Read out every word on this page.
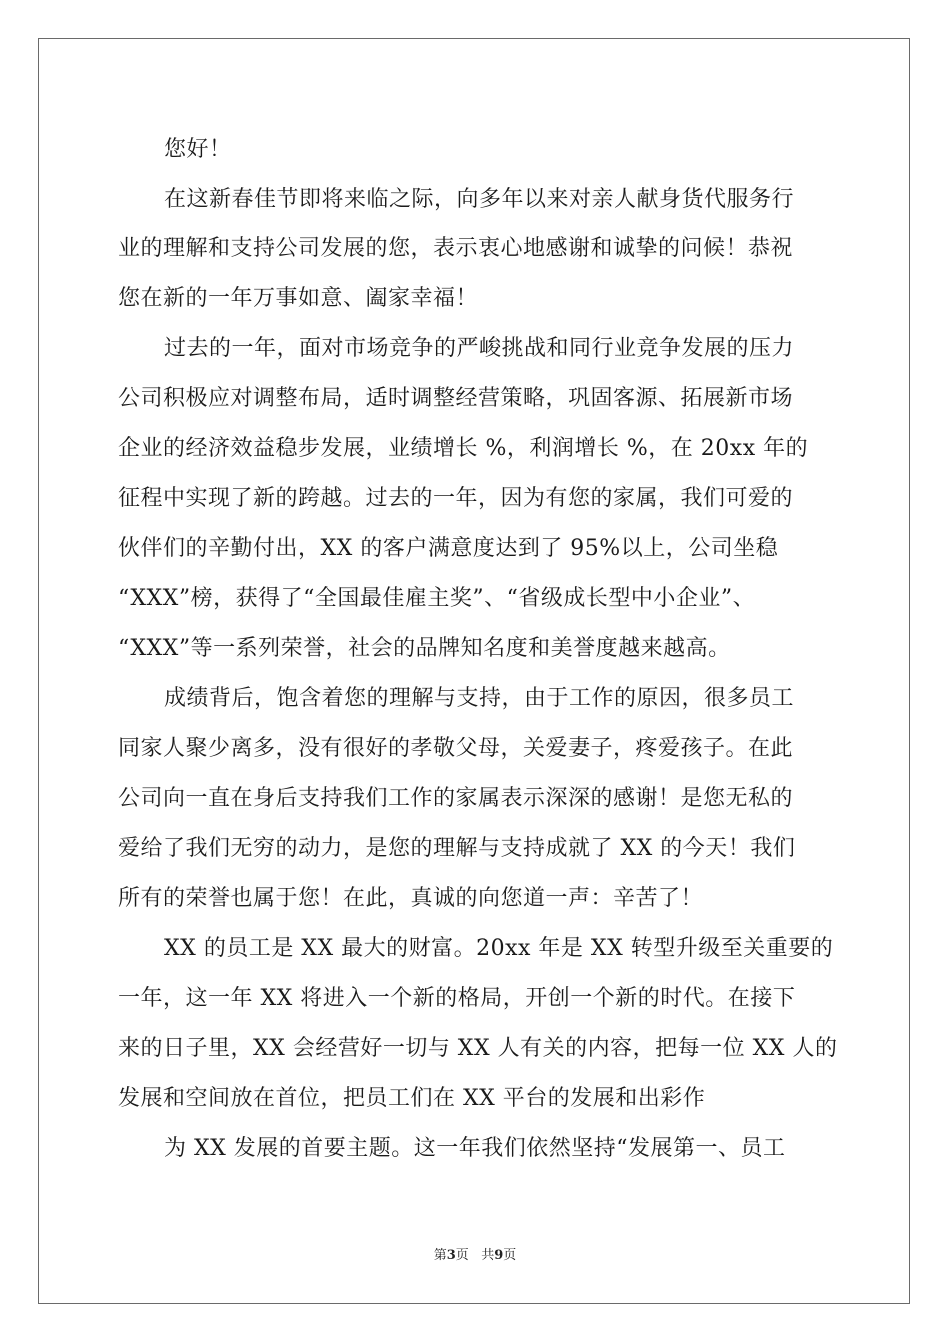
您好！
在这新春佳节即将来临之际，向多年以来对亲人献身货代服务行
业的理解和支持公司发展的您，表示衷心地感谢和诚挚的问候！恭祝
您在新的一年万事如意、阖家幸福！
过去的一年，面对市场竞争的严峻挑战和同行业竞争发展的压力
公司积极应对调整布局，适时调整经营策略，巩固客源、拓展新市场
企业的经济效益稳步发展，业绩增长 %，利润增长 %，在 20xx 年的
征程中实现了新的跨越。过去的一年，因为有您的家属，我们可爱的
伙伴们的辛勤付出，XX 的客户满意度达到了 95%以上，公司坐稳
“XXX”榜，获得了“全国最佳雇主奖”、“省级成长型中小企业”、
“XXX”等一系列荣誉，社会的品牌知名度和美誉度越来越高。
成绩背后，饱含着您的理解与支持，由于工作的原因，很多员工
同家人聚少离多，没有很好的孝敬父母，关爱妻子，疼爱孩子。在此
公司向一直在身后支持我们工作的家属表示深深的感谢！是您无私的
爱给了我们无穷的动力，是您的理解与支持成就了 XX 的今天！我们
所有的荣誉也属于您！在此，真诚的向您道一声：辛苦了！
XX 的员工是 XX 最大的财富。20xx 年是 XX 转型升级至关重要的
一年，这一年 XX 将进入一个新的格局，开创一个新的时代。在接下
来的日子里，XX 会经营好一切与 XX 人有关的内容，把每一位 XX 人的
发展和空间放在首位，把员工们在 XX 平台的发展和出彩作
为 XX 发展的首要主题。这一年我们依然坚持“发展第一、员工
第3页 共9页
